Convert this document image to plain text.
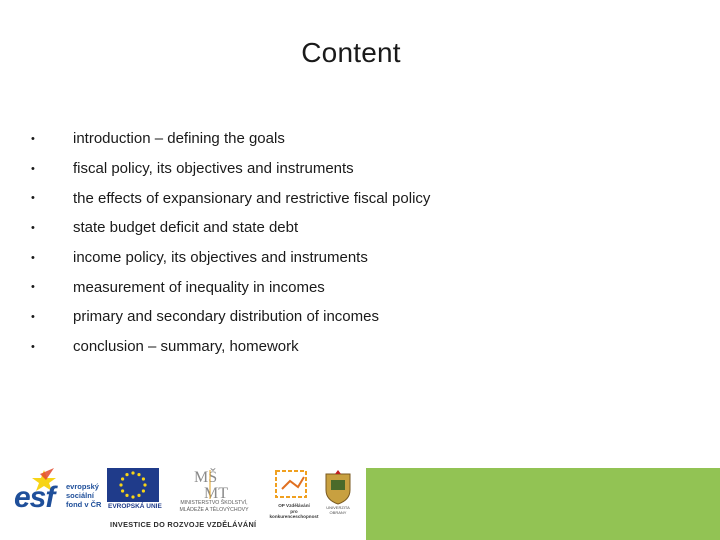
Content
•	introduction – defining the goals
•	fiscal policy, its objectives and instruments
•	the effects of expansionary and restrictive fiscal policy
•	state budget deficit and state debt
•	income policy, its objectives and instruments
•	measurement of inequality in incomes
•	primary and secondary distribution of incomes
•	conclusion – summary, homework
esf evropský
sociální
fond v ČR EVROPSKÁ UNIE
MŠ
MT
MINISTERSTVO ŠKOLSTVÍ,
MLÁDEŽE A TĚLOVÝCHOVY
OP Vzdělávání
pro konkurenceschopnost
UNIVERZITA
OBRANY
INVESTICE DO ROZVOJE VZDĚLÁVÁNÍ
